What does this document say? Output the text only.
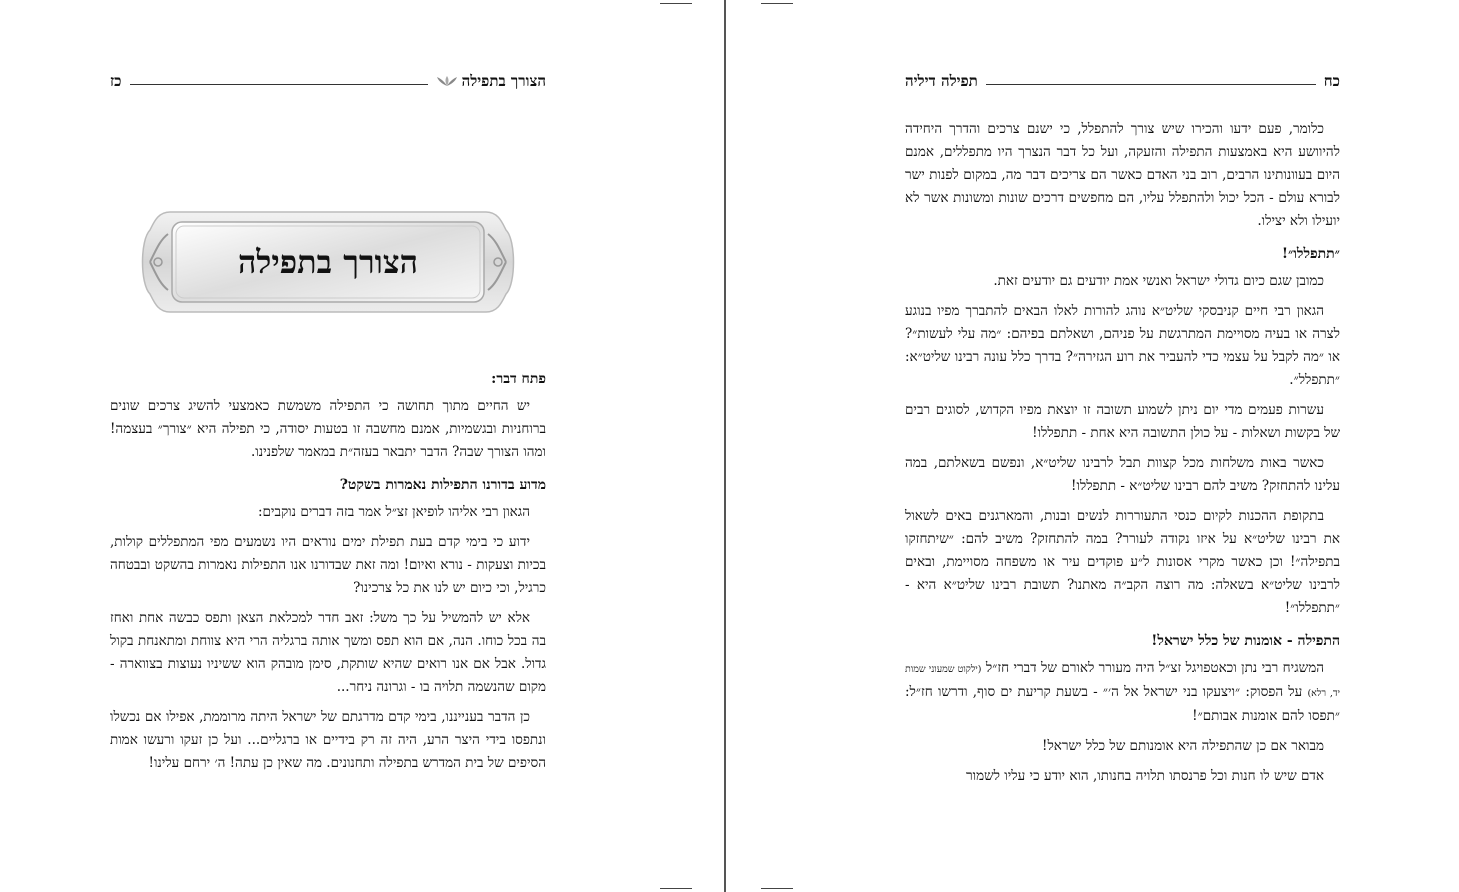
הצורך בתפילה
כז
הצורך בתפילה

פתח דבר:

יש החיים מתוך תחושה כי התפילה משמשת כאמצעי להשיג צרכים שונים ברוחניות ובגשמיות, אמנם מחשבה זו בטעות יסודה, כי תפילה היא ״צורך״ בעצמה! ומהו הצורך שבה? הדבר יתבאר בעזה״ת במאמר שלפנינו.

מדוע בדורנו התפילות נאמרות בשקט?

הגאון רבי אליהו לופיאן זצ״ל אמר בזה דברים נוקבים:

ידוע כי בימי קדם בעת תפילת ימים נוראים היו נשמעים מפי המתפללים קולות, בכיות וצעקות - נורא ואיום! ומה זאת שבדורנו אנו התפילות נאמרות בהשקט ובבטחה כרגיל, וכי כיום יש לנו את כל צרכינו?

אלא יש להמשיל על כך משל: זאב חדר למכלאת הצאן ותפס כבשה אחת ואחז בה בכל כוחו. הנה, אם הוא תפס ומשך אותה ברגליה הרי היא צווחת ומתאנחת בקול גדול. אבל אם אנו רואים שהיא שותקת, סימן מובהק הוא ששיניו נעוצות בצווארה - מקום שהנשמה תלויה בו - וגרונה ניחר...

כן הדבר בענייננו, בימי קדם מדרגתם של ישראל היתה מרוממת, אפילו אם נכשלו ונתפסו בידי היצר הרע, היה זה רק בידיים או ברגליים... ועל כן זעקו ורעשו אמות הסיפים של בית המדרש בתפילה ותחנונים. מה שאין כן עתה! ה׳ ירחם עלינו!

כח
תפילה דיליה

כלומר, פעם ידעו והכירו שיש צורך להתפלל, כי ישנם צרכים והדרך היחידה להיוושע היא באמצעות התפילה והזעקה, ועל כל דבר הנצרך היו מתפללים, אמנם היום בעוונותינו הרבים, רוב בני האדם כאשר הם צריכים דבר מה, במקום לפנות ישר לבורא עולם - הכל יכול ולהתפלל עליו, הם מחפשים דרכים שונות ומשונות אשר לא יועילו ולא יצילו.

״תתפללו״!

כמובן שגם כיום גדולי ישראל ואנשי אמת יודעים גם יודעים זאת.

הגאון רבי חיים קניבסקי שליט״א נוהג להורות לאלו הבאים להתברך מפיו בנוגע לצרה או בעיה מסויימת המתרגשת על פניהם, ושאלתם בפיהם: ״מה עלי לעשות״? או ״מה לקבל על עצמי כדי להעביר את רוע הגזירה״? בדרך כלל עונה רבינו שליט״א: ״תתפלל״.

עשרות פעמים מדי יום ניתן לשמוע תשובה זו יוצאת מפיו הקדוש, לסוגים רבים של בקשות ושאלות - על כולן התשובה היא אחת - תתפללו!

כאשר באות משלחות מכל קצוות תבל לרבינו שליט״א, ונפשם בשאלתם, במה עלינו להתחזק? משיב להם רבינו שליט״א - תתפללו!

בתקופת ההכנות לקיום כנסי התעוררות לנשים ובנות, והמארגנים באים לשאול את רבינו שליט״א על איזו נקודה לעורר? במה להתחזק? משיב להם: ״שיתחזקו בתפילה״! וכן כאשר מקרי אסונות ל״ע פוקדים עיר או משפחה מסויימת, ובאים לרבינו שליט״א בשאלה: מה רוצה הקב״ה מאתנו? תשובת רבינו שליט״א היא - ״תתפללו״!

התפילה - אומנות של כלל ישראל!

המשגיח רבי נתן וכאטפויגל זצ״ל היה מעורר לאורם של דברי חז״ל (ילקוט שמעוני שמות יד, רלא) על הפסוק: ״ויצעקו בני ישראל אל ה׳״ - בשעת קריעת ים סוף, ודרשו חז״ל: ״תפסו להם אומנות אבותם״!

מבואר אם כן שהתפילה היא אומנותם של כלל ישראל!

אדם שיש לו חנות וכל פרנסתו תלויה בחנותו, הוא יודע כי עליו לשמור
